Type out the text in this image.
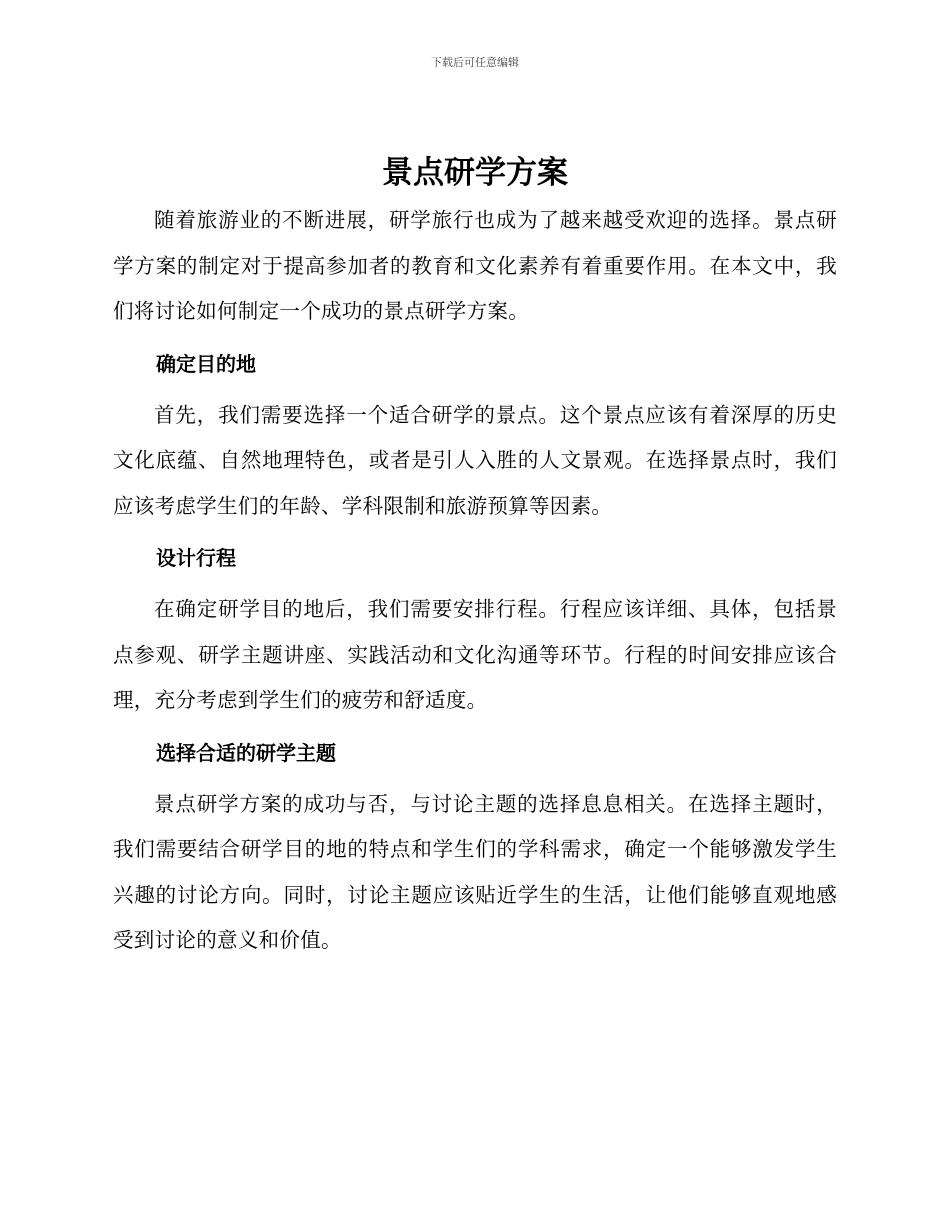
下载后可任意编辑
景点研学方案

随着旅游业的不断进展，研学旅行也成为了越来越受欢迎的选择。景点研学方案的制定对于提高参加者的教育和文化素养有着重要作用。在本文中，我们将讨论如何制定一个成功的景点研学方案。

确定目的地

首先，我们需要选择一个适合研学的景点。这个景点应该有着深厚的历史文化底蕴、自然地理特色，或者是引人入胜的人文景观。在选择景点时，我们应该考虑学生们的年龄、学科限制和旅游预算等因素。

设计行程

在确定研学目的地后，我们需要安排行程。行程应该详细、具体，包括景点参观、研学主题讲座、实践活动和文化沟通等环节。行程的时间安排应该合理，充分考虑到学生们的疲劳和舒适度。

选择合适的研学主题

景点研学方案的成功与否，与讨论主题的选择息息相关。在选择主题时，我们需要结合研学目的地的特点和学生们的学科需求，确定一个能够激发学生兴趣的讨论方向。同时，讨论主题应该贴近学生的生活，让他们能够直观地感受到讨论的意义和价值。
